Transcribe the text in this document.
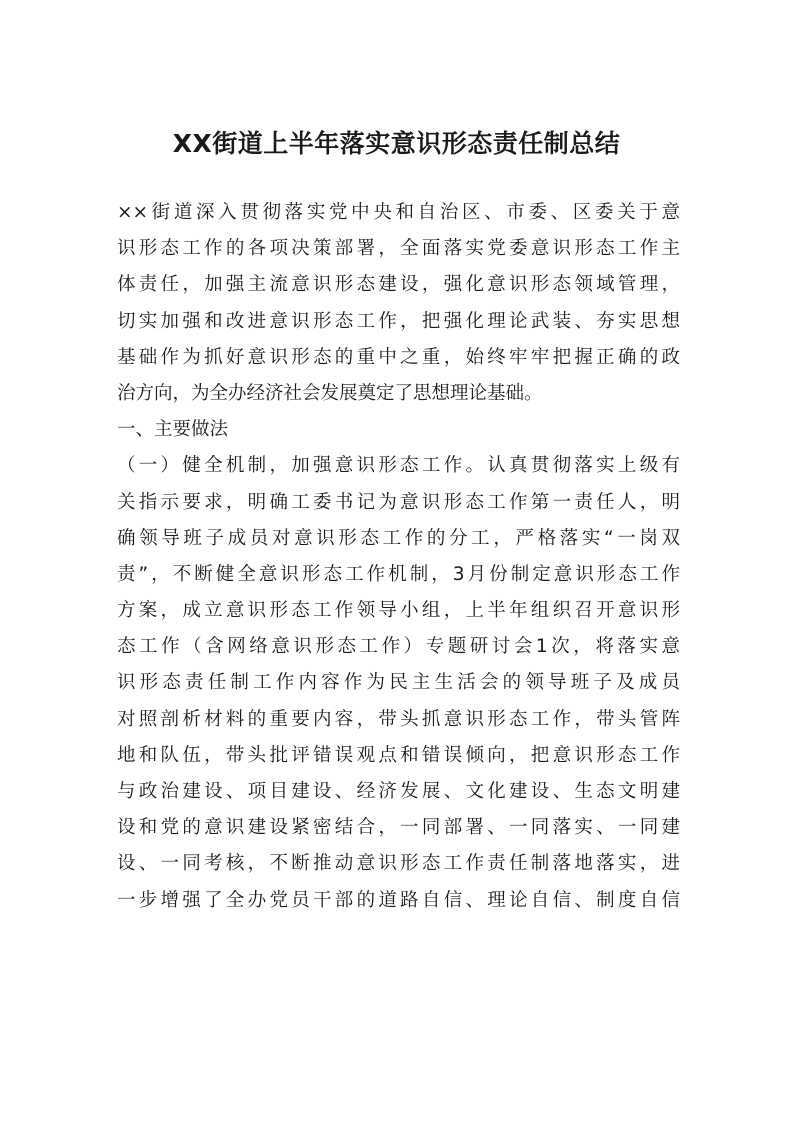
XX街道上半年落实意识形态责任制总结
××街道深入贯彻落实党中央和自治区、市委、区委关于意
识形态工作的各项决策部署，全面落实党委意识形态工作主
体责任，加强主流意识形态建设，强化意识形态领域管理，
切实加强和改进意识形态工作，把强化理论武装、夯实思想
基础作为抓好意识形态的重中之重，始终牢牢把握正确的政
治方向，为全办经济社会发展奠定了思想理论基础。
一、主要做法
（一）健全机制，加强意识形态工作。认真贯彻落实上级有
关指示要求，明确工委书记为意识形态工作第一责任人，明
确领导班子成员对意识形态工作的分工，严格落实“一岗双
责”，不断健全意识形态工作机制，3月份制定意识形态工作
方案，成立意识形态工作领导小组，上半年组织召开意识形
态工作（含网络意识形态工作）专题研讨会1次，将落实意
识形态责任制工作内容作为民主生活会的领导班子及成员
对照剖析材料的重要内容，带头抓意识形态工作，带头管阵
地和队伍，带头批评错误观点和错误倾向，把意识形态工作
与政治建设、项目建设、经济发展、文化建设、生态文明建
设和党的意识建设紧密结合，一同部署、一同落实、一同建
设、一同考核，不断推动意识形态工作责任制落地落实，进
一步增强了全办党员干部的道路自信、理论自信、制度自信
